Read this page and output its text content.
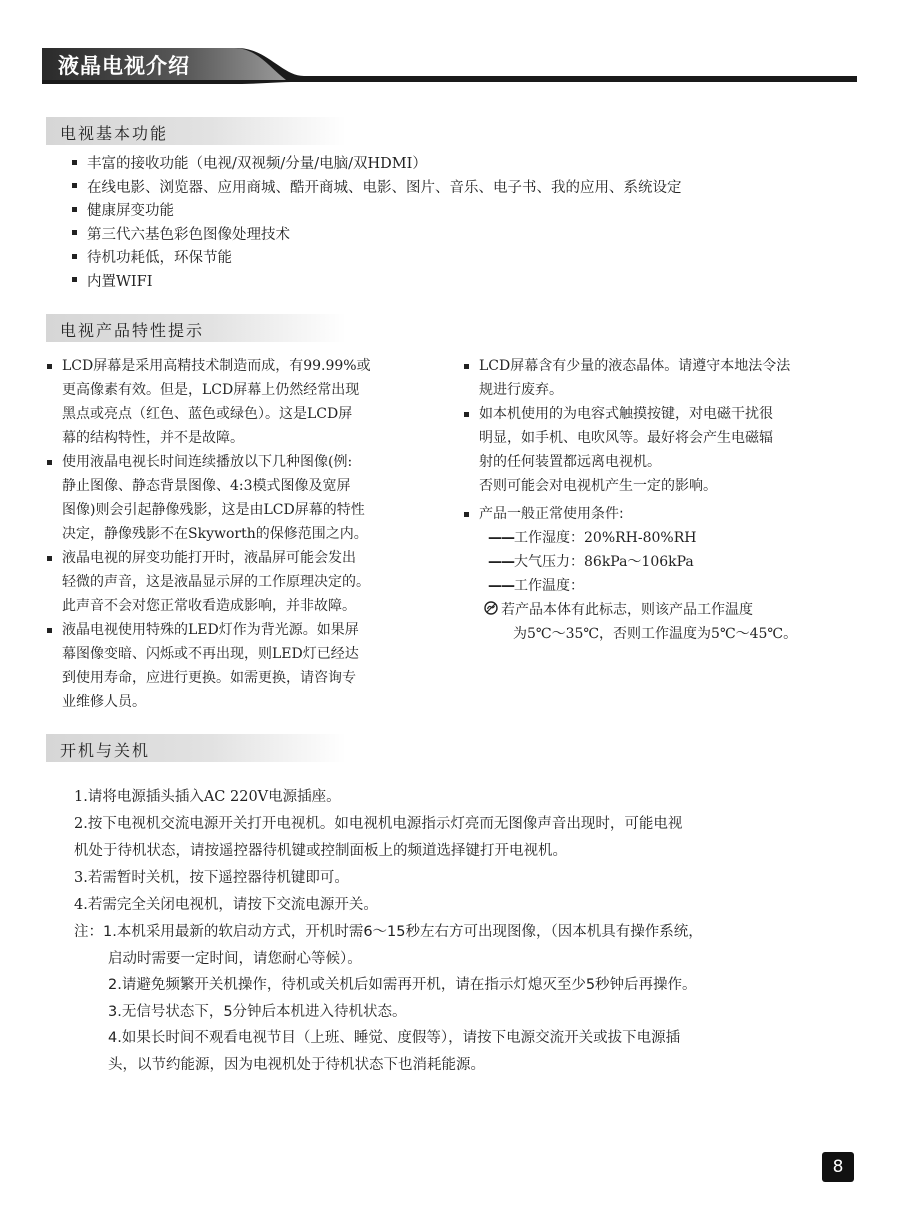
液晶电视介绍
电视基本功能
丰富的接收功能（电视/双视频/分量/电脑/双HDMI）
在线电影、浏览器、应用商城、酷开商城、电影、图片、音乐、电子书、我的应用、系统设定
健康屏变功能
第三代六基色彩色图像处理技术
待机功耗低，环保节能
内置WIFI
电视产品特性提示
LCD屏幕是采用高精技术制造而成，有99.99%或
更高像素有效。但是，LCD屏幕上仍然经常出现
黑点或亮点（红色、蓝色或绿色）。这是LCD屏
幕的结构特性，并不是故障。
使用液晶电视长时间连续播放以下几种图像(例:
静止图像、静态背景图像、4:3模式图像及宽屏
图像)则会引起静像残影，这是由LCD屏幕的特性
决定，静像残影不在Skyworth的保修范围之内。
液晶电视的屏变功能打开时，液晶屏可能会发出
轻微的声音，这是液晶显示屏的工作原理决定的。
此声音不会对您正常收看造成影响，并非故障。
液晶电视使用特殊的LED灯作为背光源。如果屏
幕图像变暗、闪烁或不再出现，则LED灯已经达
到使用寿命，应进行更换。如需更换，请咨询专
业维修人员。
LCD屏幕含有少量的液态晶体。请遵守本地法令法
规进行废弃。
如本机使用的为电容式触摸按键，对电磁干扰很
明显，如手机、电吹风等。最好将会产生电磁辐
射的任何装置都远离电视机。
否则可能会对电视机产生一定的影响。
产品一般正常使用条件:
——工作湿度：20%RH-80%RH
——大气压力：86kPa～106kPa
——工作温度：
若产品本体有此标志，则该产品工作温度
为5℃～35℃，否则工作温度为5℃～45℃。
开机与关机
1.请将电源插头插入AC 220V电源插座。
2.按下电视机交流电源开关打开电视机。如电视机电源指示灯亮而无图像声音出现时，可能电视
机处于待机状态，请按遥控器待机键或控制面板上的频道选择键打开电视机。
3.若需暂时关机，按下遥控器待机键即可。
4.若需完全关闭电视机，请按下交流电源开关。
注：1.本机采用最新的软启动方式，开机时需6～15秒左右方可出现图像，（因本机具有操作系统，
启动时需要一定时间，请您耐心等候）。
2.请避免频繁开关机操作，待机或关机后如需再开机，请在指示灯熄灭至少5秒钟后再操作。
3.无信号状态下，5分钟后本机进入待机状态。
4.如果长时间不观看电视节目（上班、睡觉、度假等），请按下电源交流开关或拔下电源插
头，以节约能源，因为电视机处于待机状态下也消耗能源。
8
